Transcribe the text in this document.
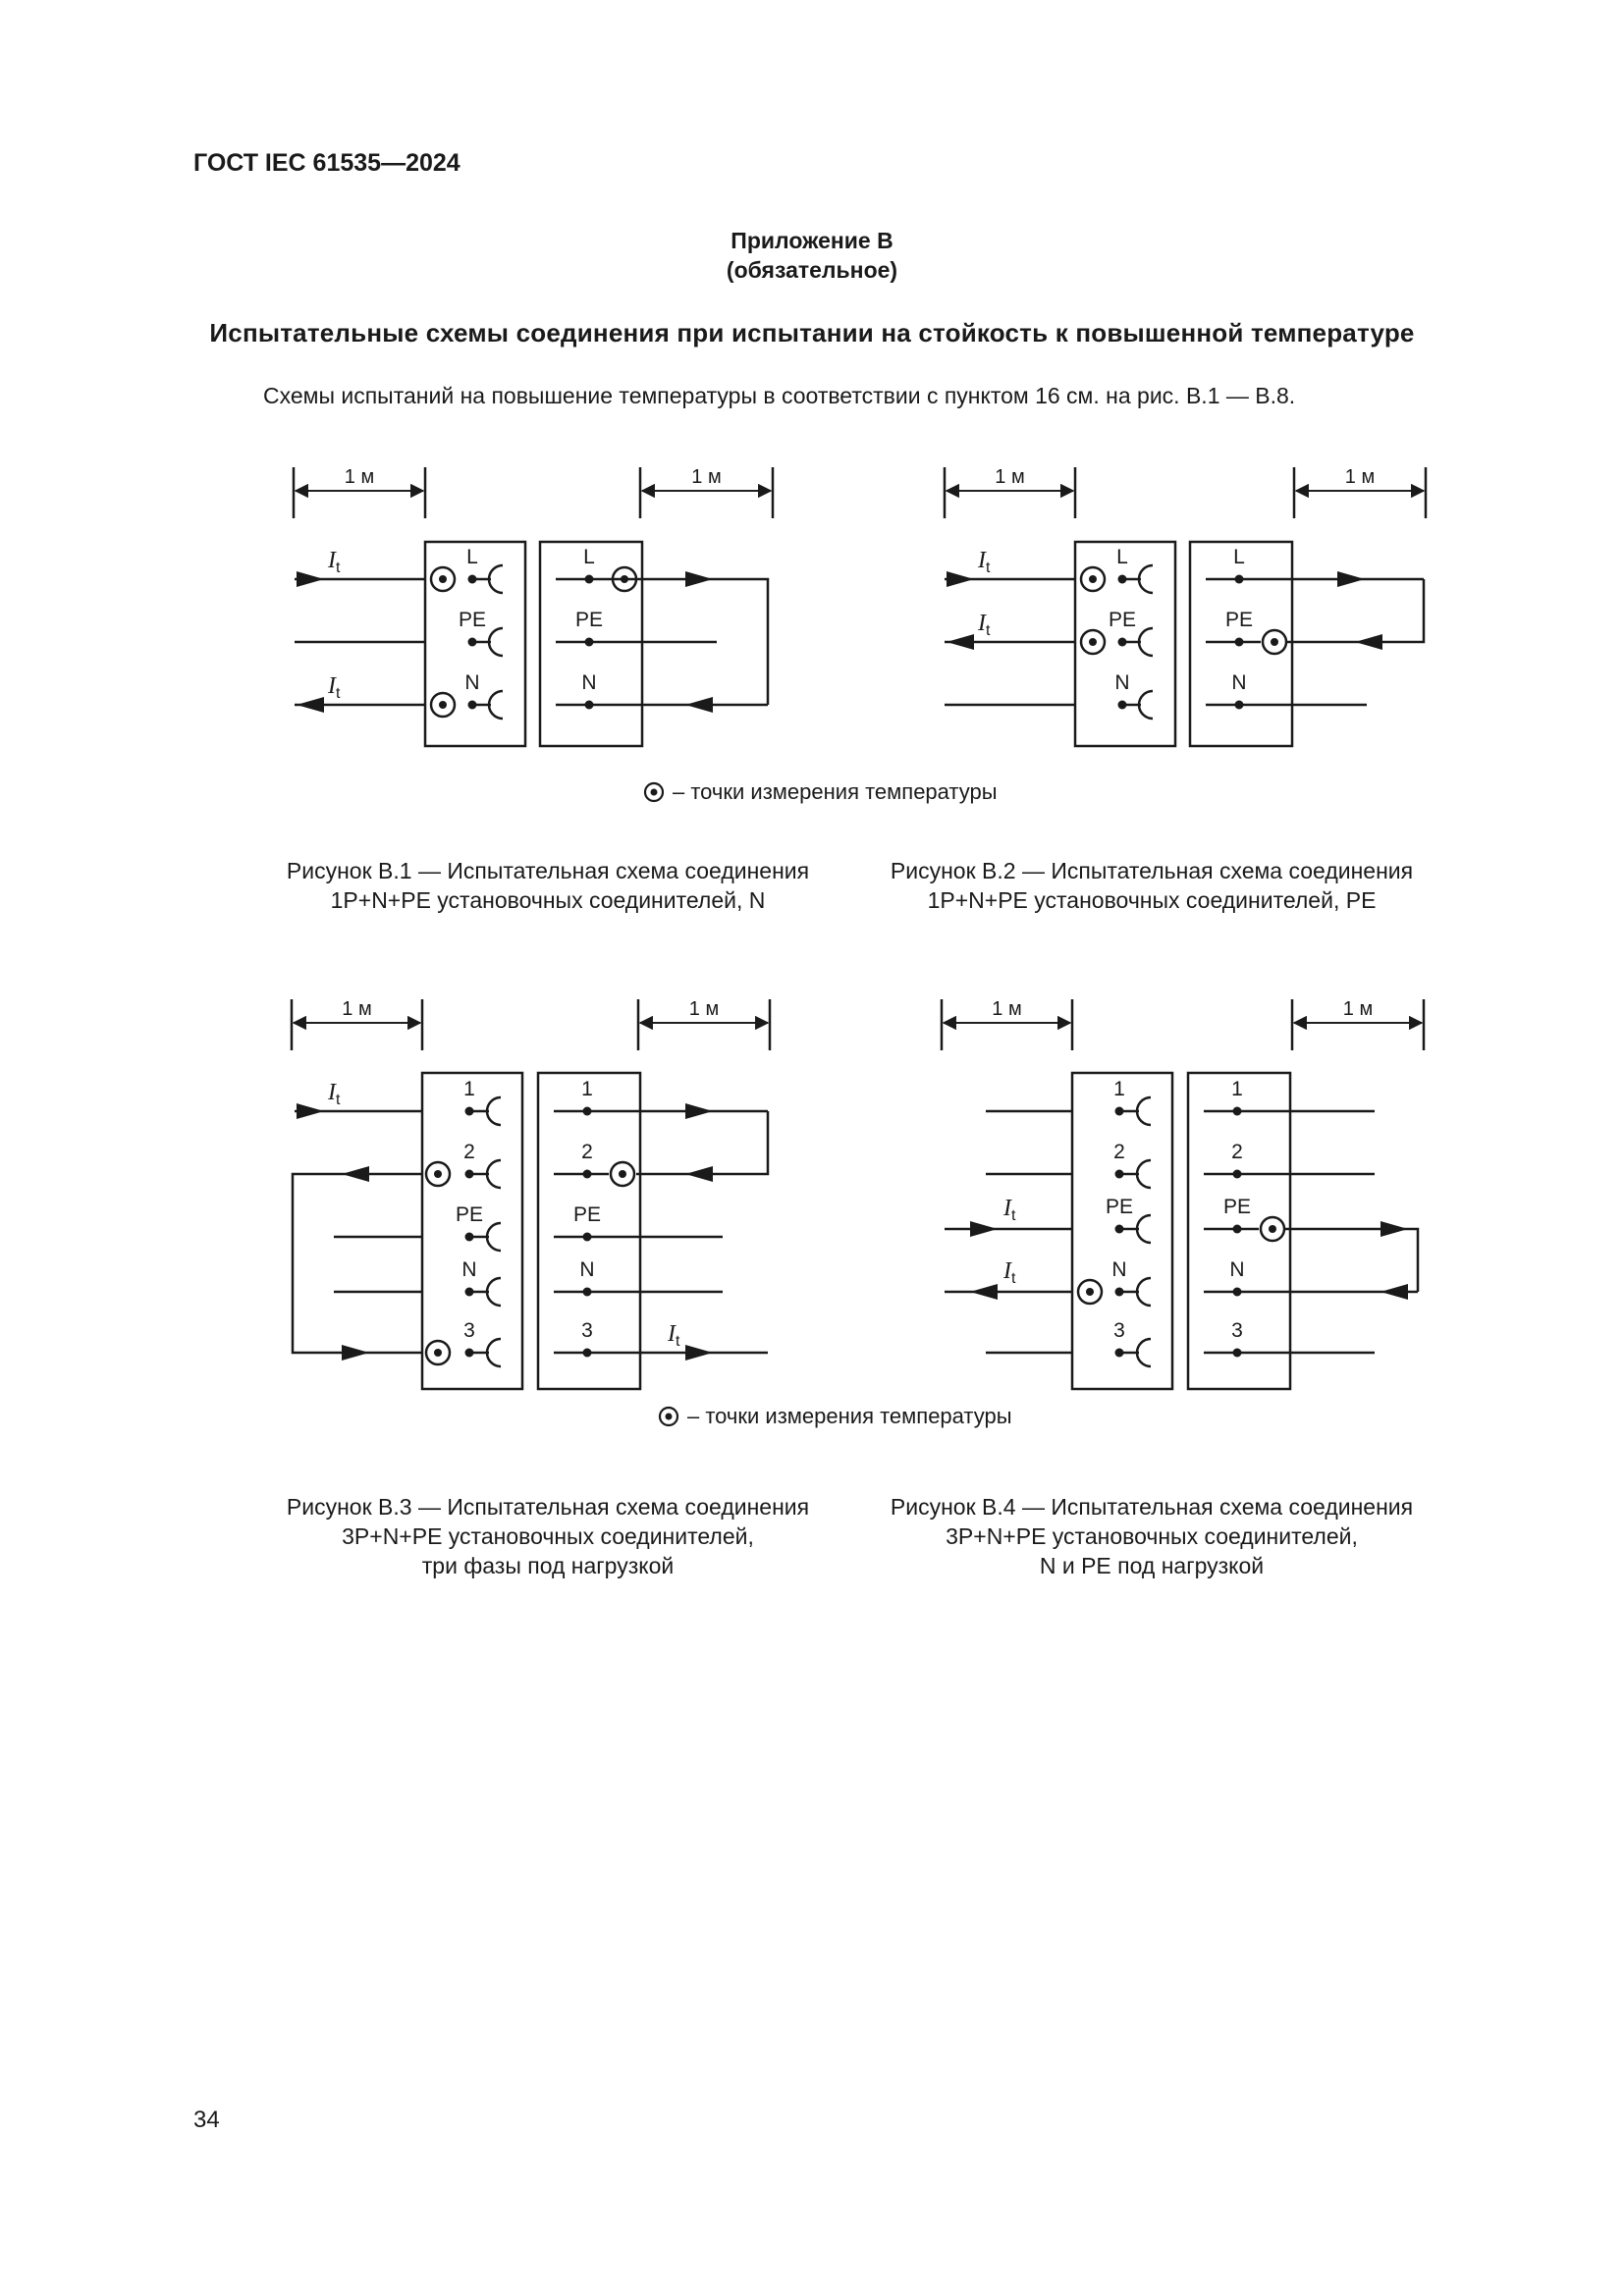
ГОСТ IEC 61535—2024
Приложение В
(обязательное)
Испытательные схемы соединения при испытании на стойкость к повышенной температуре
Схемы испытаний на повышение температуры в соответствии с пунктом 16 см. на рис. В.1 — В.8.
1 м	1 м
$I_t$
$I_t$
L
PE
N
L
PE
N
1 м	1 м
$I_t$
$I_t$
L
PE
N
L
PE
N
1 м	1 м
$I_t$	1	1
2	2
PE	PE
N	N
3	3	$I_t$
1 м	1 м
$I_t$
$I_t$
1	1
2	2
PE	PE
N	N
3	3
– точки измерения температуры
– точки измерения температуры
Рисунок В.1 — Испытательная схема соединения
1P+N+PE установочных соединителей, N
Рисунок В.2 — Испытательная схема соединения
1P+N+PE установочных соединителей, PE
Рисунок В.3 — Испытательная схема соединения
3P+N+PE установочных соединителей,
три фазы под нагрузкой
Рисунок В.4 — Испытательная схема соединения
3P+N+PE установочных соединителей,
N и PE под нагрузкой
34
